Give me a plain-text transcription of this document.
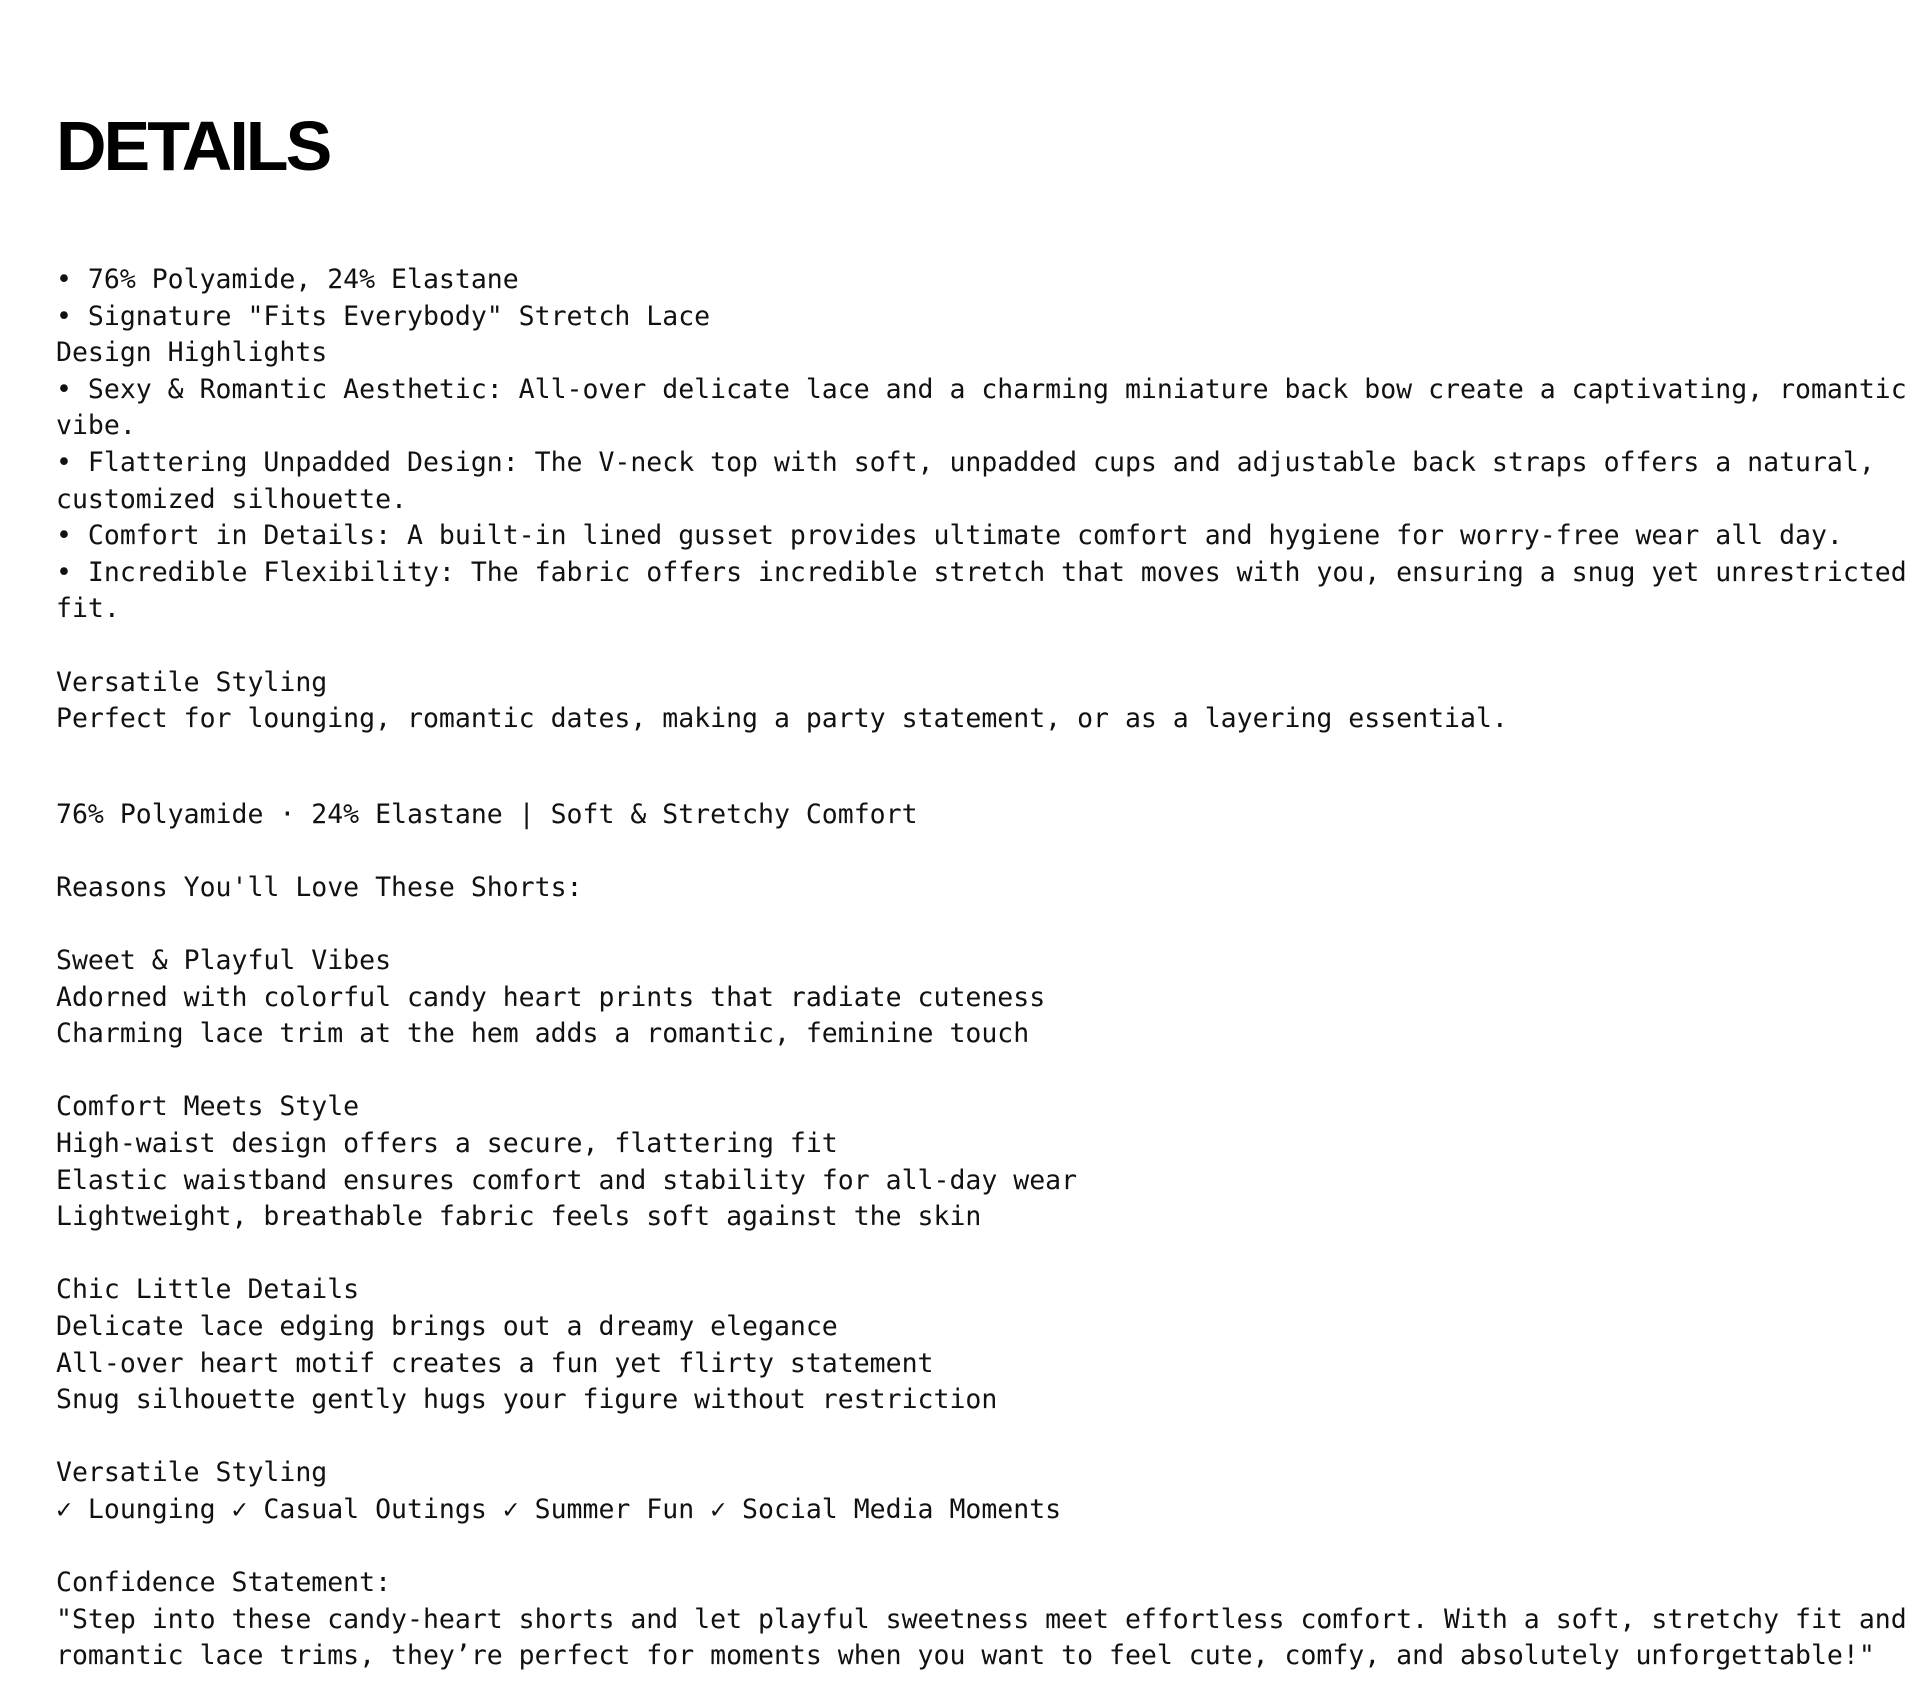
DETAILS
• 76% Polyamide, 24% Elastane
• Signature "Fits Everybody" Stretch Lace
Design Highlights
• Sexy & Romantic Aesthetic: All-over delicate lace and a charming miniature back bow create a captivating, romantic
vibe.
• Flattering Unpadded Design: The V-neck top with soft, unpadded cups and adjustable back straps offers a natural,
customized silhouette.
• Comfort in Details: A built-in lined gusset provides ultimate comfort and hygiene for worry-free wear all day.
• Incredible Flexibility: The fabric offers incredible stretch that moves with you, ensuring a snug yet unrestricted
fit.
Versatile Styling
Perfect for lounging, romantic dates, making a party statement, or as a layering essential.
76% Polyamide · 24% Elastane | Soft & Stretchy Comfort
Reasons You'll Love These Shorts:
Sweet & Playful Vibes
Adorned with colorful candy heart prints that radiate cuteness
Charming lace trim at the hem adds a romantic, feminine touch
Comfort Meets Style
High-waist design offers a secure, flattering fit
Elastic waistband ensures comfort and stability for all-day wear
Lightweight, breathable fabric feels soft against the skin
Chic Little Details
Delicate lace edging brings out a dreamy elegance
All-over heart motif creates a fun yet flirty statement
Snug silhouette gently hugs your figure without restriction
Versatile Styling
✓ Lounging ✓ Casual Outings ✓ Summer Fun ✓ Social Media Moments
Confidence Statement:
"Step into these candy-heart shorts and let playful sweetness meet effortless comfort. With a soft, stretchy fit and
romantic lace trims, they’re perfect for moments when you want to feel cute, comfy, and absolutely unforgettable!"
